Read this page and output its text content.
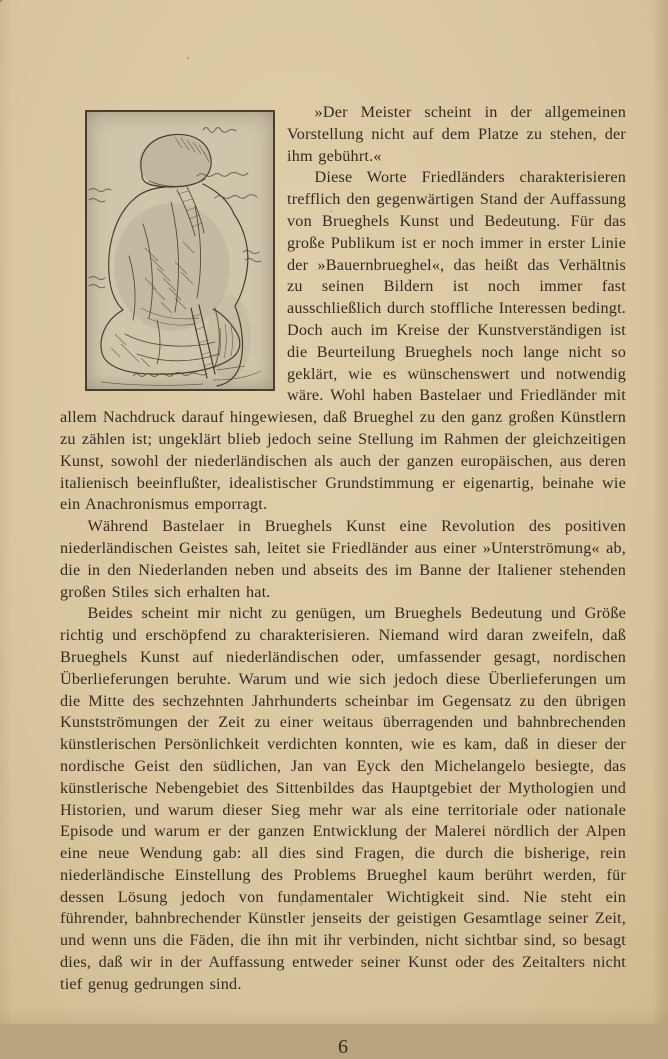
»Der Meister scheint in der allgemeinen Vorstellung nicht auf dem Platze zu stehen, der ihm gebührt.«

Diese Worte Friedländers charakterisieren trefflich den gegenwärtigen Stand der Auffassung von Brueghels Kunst und Bedeutung. Für das große Publikum ist er noch immer in erster Linie der »Bauernbrueghel«, das heißt das Verhältnis zu seinen Bildern ist noch immer fast ausschließlich durch stoffliche Interessen bedingt. Doch auch im Kreise der Kunstverständigen ist die Beurteilung Brueghels noch lange nicht so geklärt, wie es wünschenswert und notwendig wäre. Wohl haben Bastelaer und Friedländer mit allem Nachdruck darauf hingewiesen, daß Brueghel zu den ganz großen Künstlern zu zählen ist; ungeklärt blieb jedoch seine Stellung im Rahmen der gleichzeitigen Kunst, sowohl der niederländischen als auch der ganzen europäischen, aus deren italienisch beeinflußter, idealistischer Grundstimmung er eigenartig, beinahe wie ein Anachronismus emporragt.

Während Bastelaer in Brueghels Kunst eine Revolution des positiven niederländischen Geistes sah, leitet sie Friedländer aus einer »Unterströmung« ab, die in den Niederlanden neben und abseits des im Banne der Italiener stehenden großen Stiles sich erhalten hat.

Beides scheint mir nicht zu genügen, um Brueghels Bedeutung und Größe richtig und erschöpfend zu charakterisieren. Niemand wird daran zweifeln, daß Brueghels Kunst auf niederländischen oder, umfassender gesagt, nordischen Überlieferungen beruhte. Warum und wie sich jedoch diese Überlieferungen um die Mitte des sechzehnten Jahrhunderts scheinbar im Gegensatz zu den übrigen Kunstströmungen der Zeit zu einer weitaus überragenden und bahnbrechenden künstlerischen Persönlichkeit verdichten konnten, wie es kam, daß in dieser der nordische Geist den südlichen, Jan van Eyck den Michelangelo besiegte, das künstlerische Nebengebiet des Sittenbildes das Hauptgebiet der Mythologien und Historien, und warum dieser Sieg mehr war als eine territoriale oder nationale Episode und warum er der ganzen Entwicklung der Malerei nördlich der Alpen eine neue Wendung gab: all dies sind Fragen, die durch die bisherige, rein niederländische Einstellung des Problems Brueghel kaum berührt werden, für dessen Lösung jedoch von fundamentaler Wichtigkeit sind. Nie steht ein führender, bahnbrechender Künstler jenseits der geistigen Gesamtlage seiner Zeit, und wenn uns die Fäden, die ihn mit ihr verbinden, nicht sichtbar sind, so besagt dies, daß wir in der Auffassung entweder seiner Kunst oder des Zeitalters nicht tief genug gedrungen sind.

6
